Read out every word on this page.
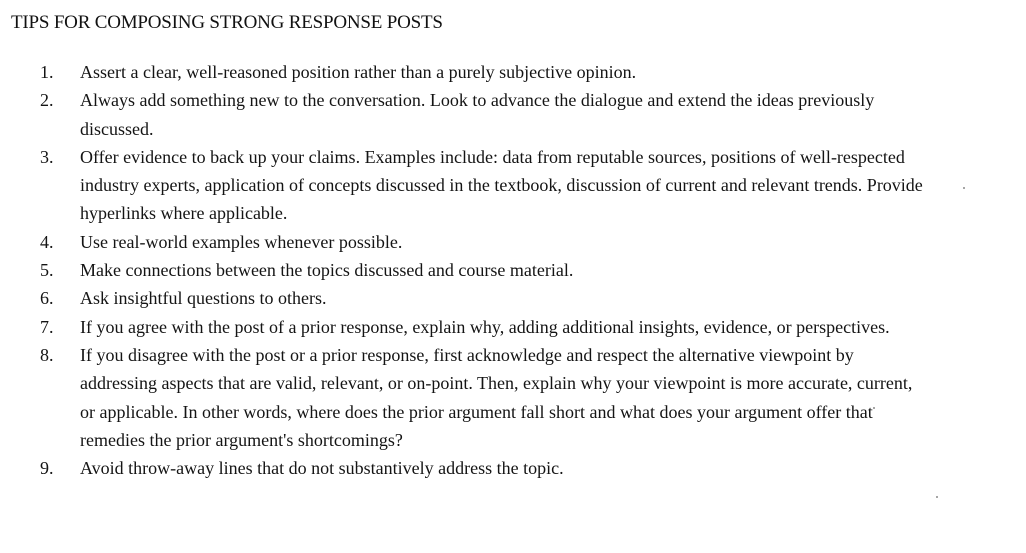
TIPS FOR COMPOSING STRONG RESPONSE POSTS
1.	Assert a clear, well-reasoned position rather than a purely subjective opinion.
2.	Always add something new to the conversation. Look to advance the dialogue and extend the ideas previously discussed.
3.	Offer evidence to back up your claims. Examples include: data from reputable sources, positions of well-respected industry experts, application of concepts discussed in the textbook, discussion of current and relevant trends. Provide hyperlinks where applicable.
4.	Use real-world examples whenever possible.
5.	Make connections between the topics discussed and course material.
6.	Ask insightful questions to others.
7.	If you agree with the post of a prior response, explain why, adding additional insights, evidence, or perspectives.
8.	If you disagree with the post or a prior response, first acknowledge and respect the alternative viewpoint by addressing aspects that are valid, relevant, or on-point. Then, explain why your viewpoint is more accurate, current, or applicable. In other words, where does the prior argument fall short and what does your argument offer that remedies the prior argument's shortcomings?
9.	Avoid throw-away lines that do not substantively address the topic.
